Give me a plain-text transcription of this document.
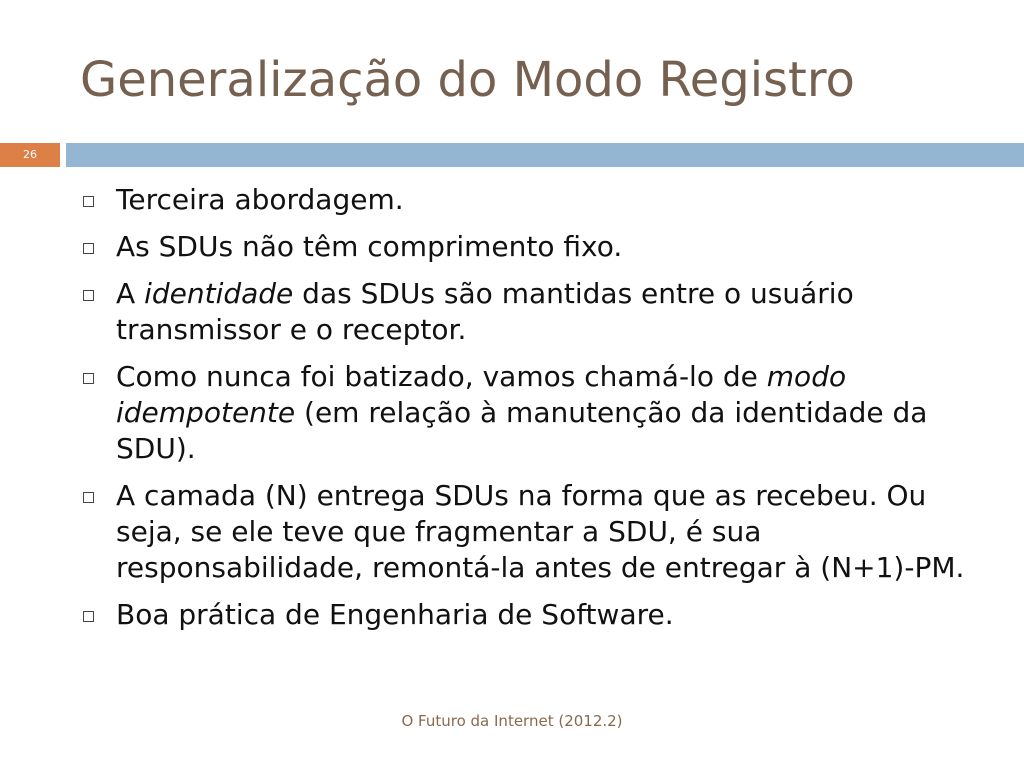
Generalização do Modo Registro
26
Terceira abordagem.
As SDUs não têm comprimento fixo.
A identidade das SDUs são mantidas entre o usuário transmissor e o receptor.
Como nunca foi batizado, vamos chamá-lo de modo idempotente (em relação à manutenção da identidade da SDU).
A camada (N) entrega SDUs na forma que as recebeu. Ou seja, se ele teve que fragmentar a SDU, é sua responsabilidade, remontá-la antes de entregar à (N+1)-PM.
Boa prática de Engenharia de Software.
O Futuro da Internet (2012.2)
